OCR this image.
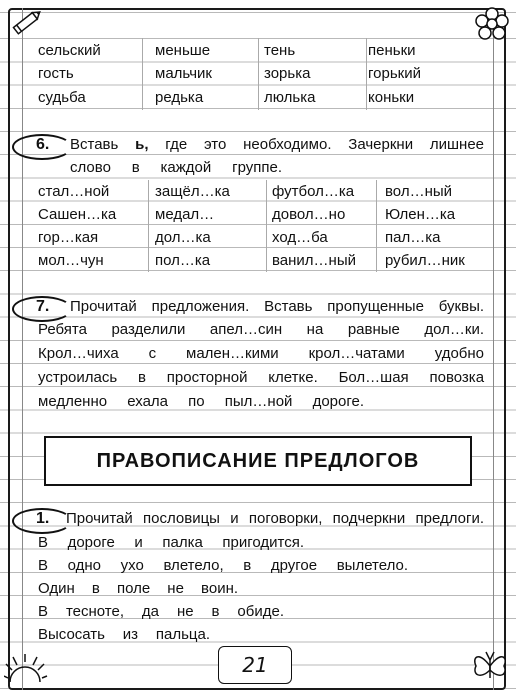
сельский
гость
судьба
меньше
мальчик
редька
тень
зорька
люлька
пеньки
горький
коньки
6. Вставь ь, где это необходимо. Зачеркни лишнее
слово в каждой группе.
стал…ной
Сашен…ка
гор…кая
мол…чун
защёл…ка
медал…
дол…ка
пол…ка
футбол…ка
довол…но
ход…ба
ванил…ный
вол…ный
Юлен…ка
пал…ка
рубил…ник
7. Прочитай предложения. Вставь пропущенные буквы.
Ребята разделили апел…син на равные дол…ки.
Крол…чиха с мален…кими крол…чатами удобно
устроилась в просторной клетке. Бол…шая повозка
медленно ехала по пыл…ной дороге.
ПРАВОПИСАНИЕ ПРЕДЛОГОВ
1. Прочитай пословицы и поговорки, подчеркни предлоги.
В дороге и палка пригодится.
В одно ухо влетело, в другое вылетело.
Один в поле не воин.
В тесноте, да не в обиде.
Высосать из пальца.
21
